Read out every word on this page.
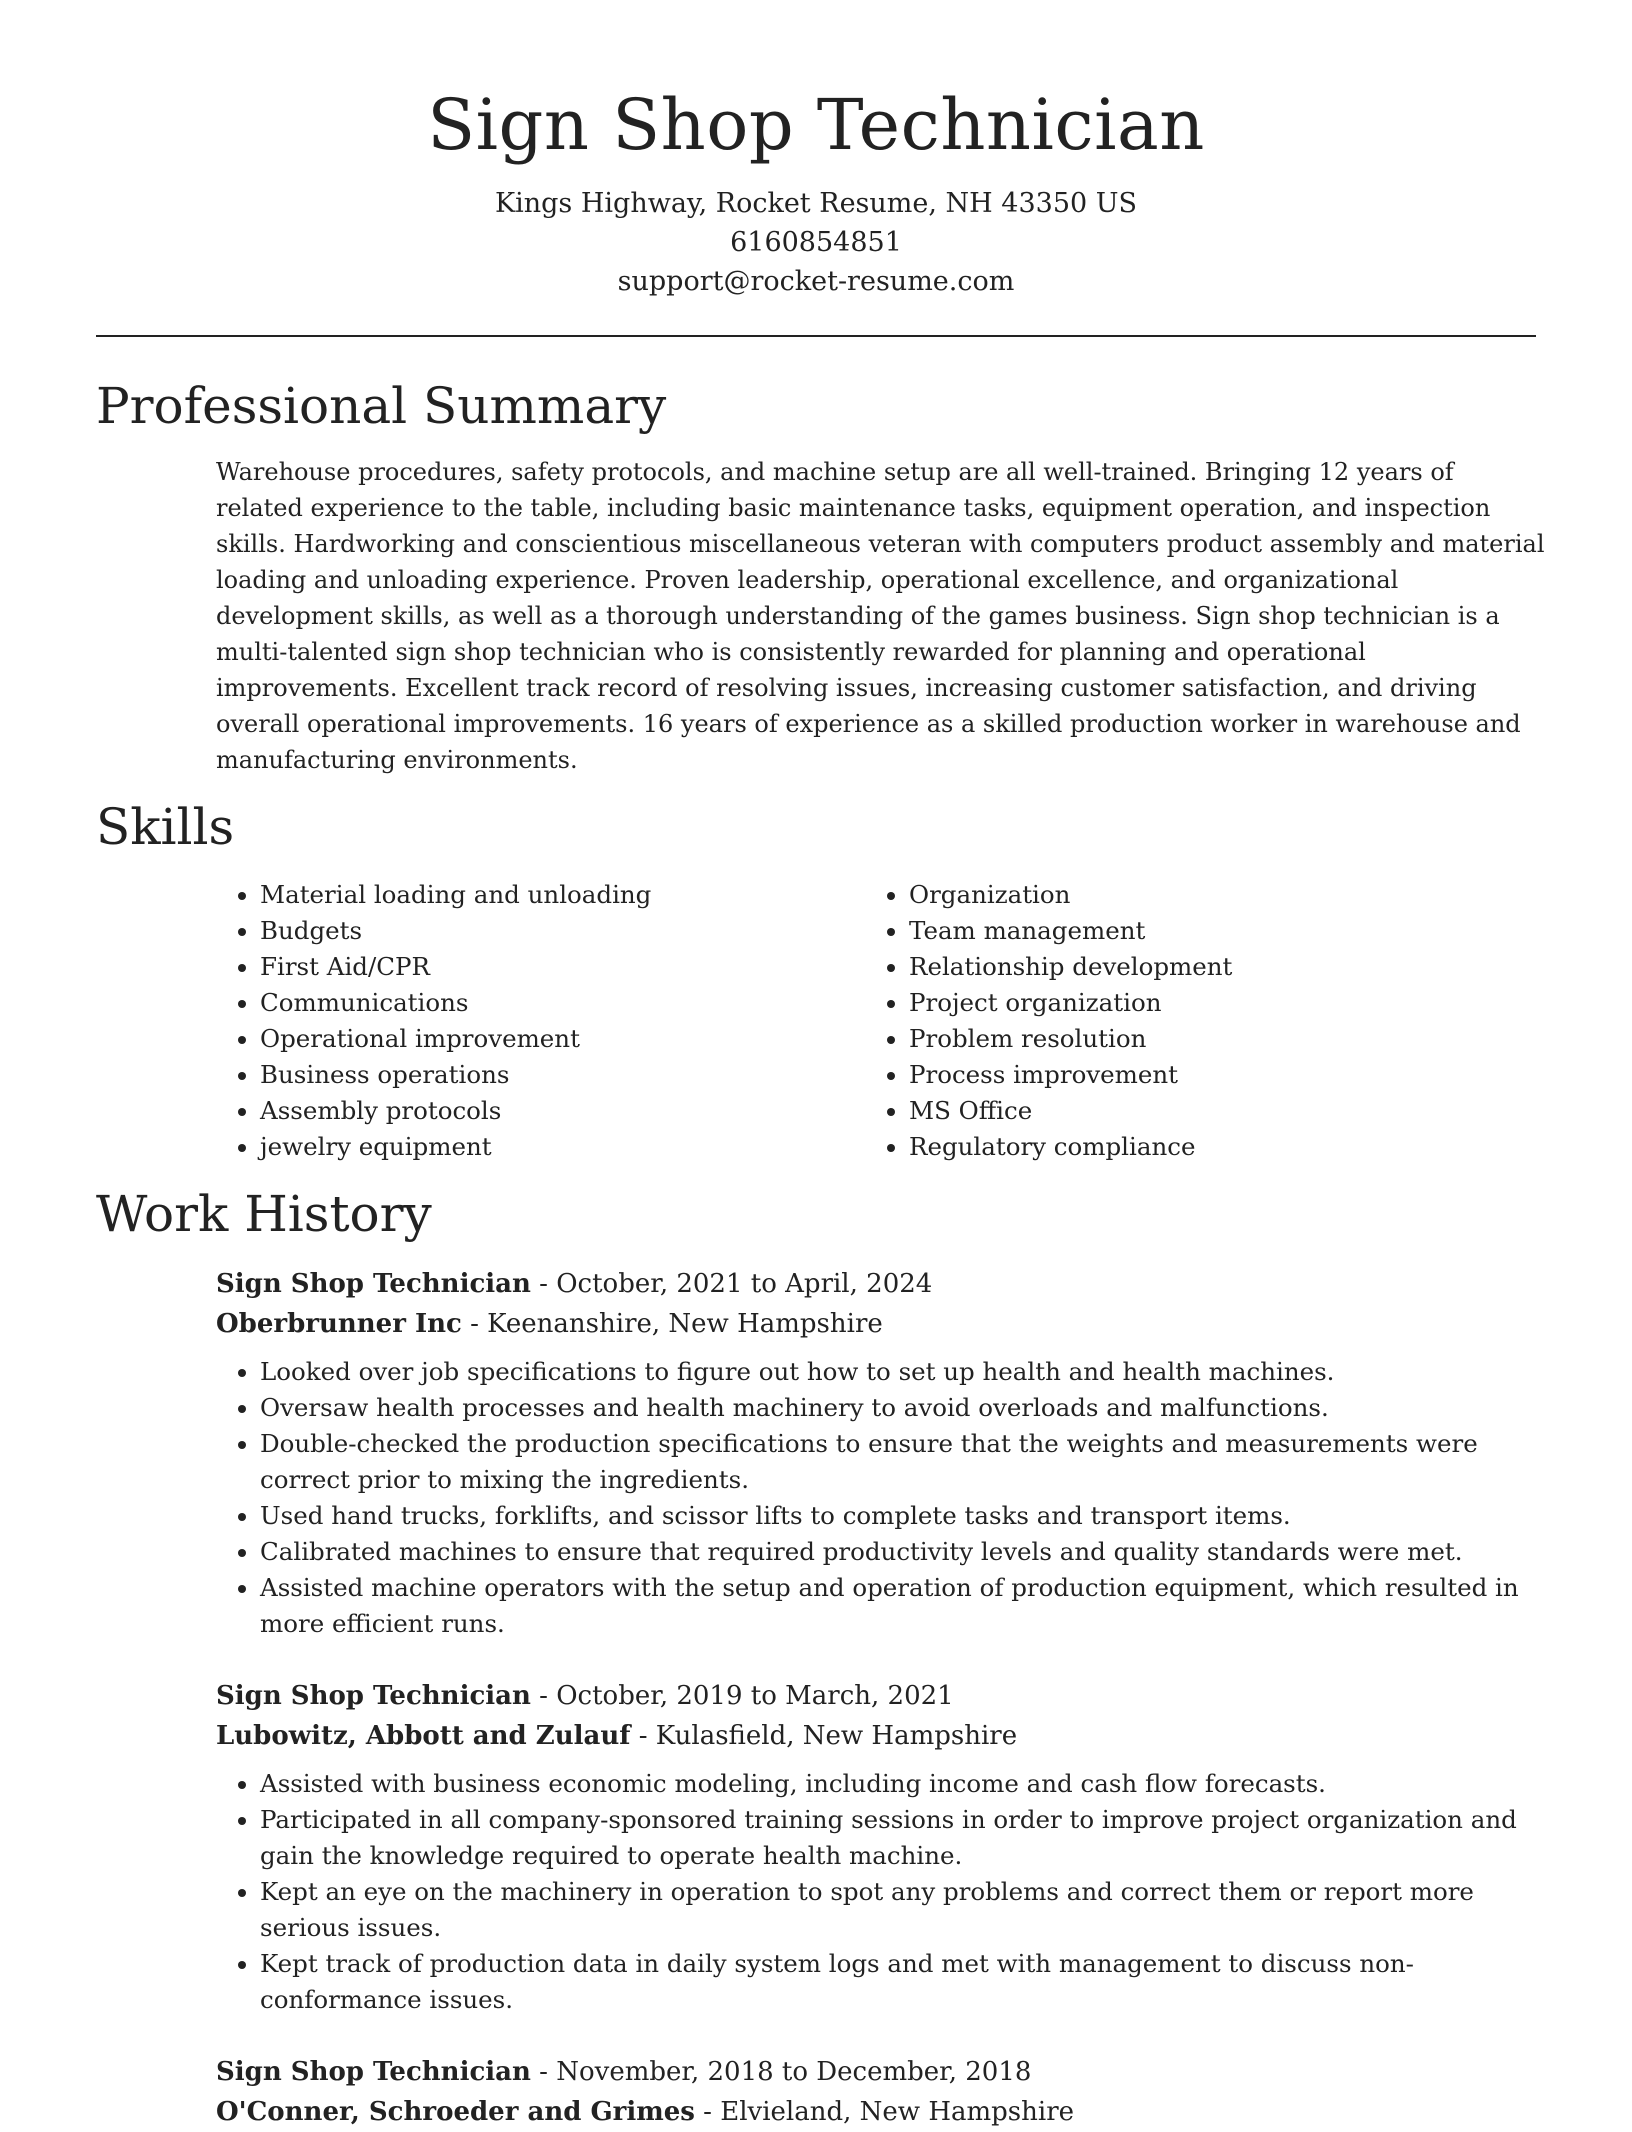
Sign Shop Technician
Kings Highway, Rocket Resume, NH 43350 US
6160854851
support@rocket-resume.com
Professional Summary

Warehouse procedures, safety protocols, and machine setup are all well-trained. Bringing 12 years of related experience to the table, including basic maintenance tasks, equipment operation, and inspection skills. Hardworking and conscientious miscellaneous veteran with computers product assembly and material loading and unloading experience. Proven leadership, operational excellence, and organizational development skills, as well as a thorough understanding of the games business. Sign shop technician is a multi-talented sign shop technician who is consistently rewarded for planning and operational improvements. Excellent track record of resolving issues, increasing customer satisfaction, and driving overall operational improvements. 16 years of experience as a skilled production worker in warehouse and manufacturing environments.

Skills
• Material loading and unloading
• Budgets
• First Aid/CPR
• Communications
• Operational improvement
• Business operations
• Assembly protocols
• jewelry equipment
• Organization
• Team management
• Relationship development
• Project organization
• Problem resolution
• Process improvement
• MS Office
• Regulatory compliance
Work History
Sign Shop Technician - October, 2021 to April, 2024
Oberbrunner Inc - Keenanshire, New Hampshire
• Looked over job specifications to figure out how to set up health and health machines.
• Oversaw health processes and health machinery to avoid overloads and malfunctions.
• Double-checked the production specifications to ensure that the weights and measurements were correct prior to mixing the ingredients.
• Used hand trucks, forklifts, and scissor lifts to complete tasks and transport items.
• Calibrated machines to ensure that required productivity levels and quality standards were met.
• Assisted machine operators with the setup and operation of production equipment, which resulted in more efficient runs.
Sign Shop Technician - October, 2019 to March, 2021
Lubowitz, Abbott and Zulauf - Kulasfield, New Hampshire
• Assisted with business economic modeling, including income and cash flow forecasts.
• Participated in all company-sponsored training sessions in order to improve project organization and gain the knowledge required to operate health machine.
• Kept an eye on the machinery in operation to spot any problems and correct them or report more serious issues.
• Kept track of production data in daily system logs and met with management to discuss non-conformance issues.
Sign Shop Technician - November, 2018 to December, 2018
O'Conner, Schroeder and Grimes - Elvieland, New Hampshire
